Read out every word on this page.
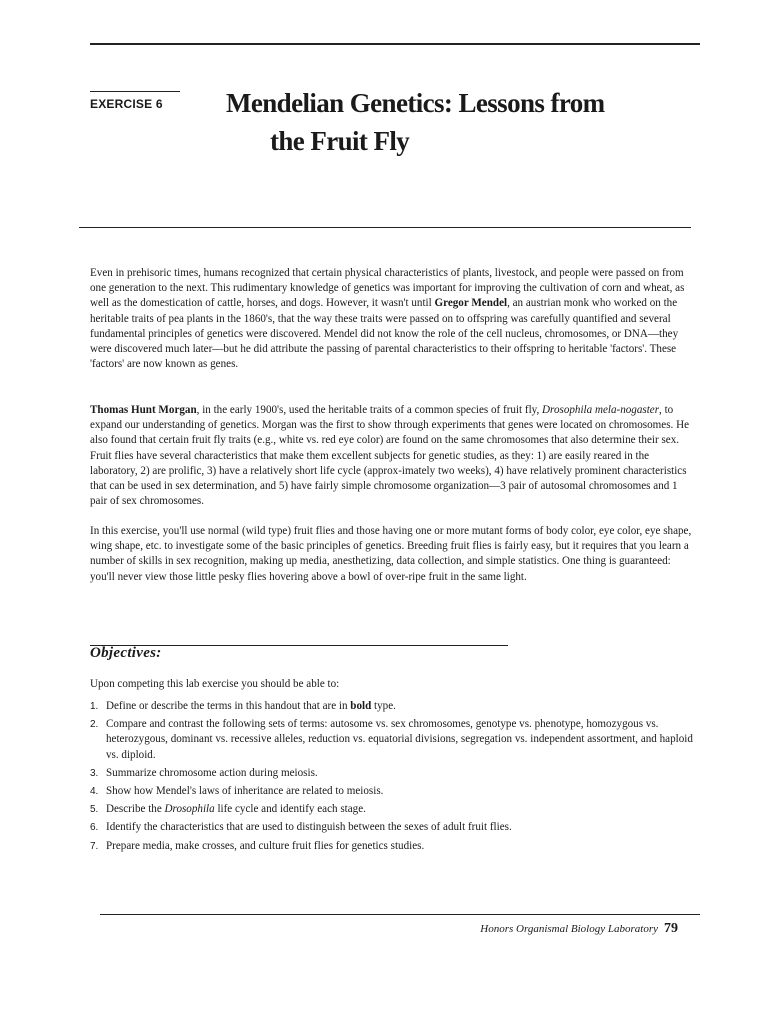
EXERCISE 6 Mendelian Genetics: Lessons from
the Fruit Fly

Even in prehisoric times, humans recognized that certain physical characteristics of plants, livestock, and people were passed on from one generation to the next. This rudimentary knowledge of genetics was important for improving the cultivation of corn and wheat, as well as the domestication of cattle, horses, and dogs. However, it wasn't until Gregor Mendel, an austrian monk who worked on the heritable traits of pea plants in the 1860's, that the way these traits were passed on to offspring was carefully quantified and several fundamental principles of genetics were discovered. Mendel did not know the role of the cell nucleus, chromosomes, or DNA—they were discovered much later—but he did attribute the passing of parental characteristics to their offspring to heritable 'factors'. These 'factors' are now known as genes.

Thomas Hunt Morgan, in the early 1900's, used the heritable traits of a common species of fruit fly, Drosophila mela-nogaster, to expand our understanding of genetics. Morgan was the first to show through experiments that genes were located on chromosomes. He also found that certain fruit fly traits (e.g., white vs. red eye color) are found on the same chromosomes that also determine their sex. Fruit flies have several characteristics that make them excellent subjects for genetic studies, as they: 1) are easily reared in the laboratory, 2) are prolific, 3) have a relatively short life cycle (approx-imately two weeks), 4) have relatively prominent characteristics that can be used in sex determination, and 5) have fairly simple chromosome organization—3 pair of autosomal chromosomes and 1 pair of sex chromosomes.

In this exercise, you'll use normal (wild type) fruit flies and those having one or more mutant forms of body color, eye color, eye shape, wing shape, etc. to investigate some of the basic principles of genetics. Breeding fruit flies is fairly easy, but it requires that you learn a number of skills in sex recognition, making up media, anesthetizing, data collection, and simple statistics. One thing is guaranteed: you'll never view those little pesky flies hovering above a bowl of over-ripe fruit in the same light.

Objectives:
Upon competing this lab exercise you should be able to:
1. Define or describe the terms in this handout that are in bold type.
2. Compare and contrast the following sets of terms: autosome vs. sex chromosomes, genotype vs. phenotype, homozygous vs. heterozygous, dominant vs. recessive alleles, reduction vs. equatorial divisions, segregation vs. independent assortment, and haploid vs. diploid.
3. Summarize chromosome action during meiosis.
4. Show how Mendel's laws of inheritance are related to meiosis.
5. Describe the Drosophila life cycle and identify each stage.
6. Identify the characteristics that are used to distinguish between the sexes of adult fruit flies.
7. Prepare media, make crosses, and culture fruit flies for genetics studies.
Honors Organismal Biology Laboratory 79
